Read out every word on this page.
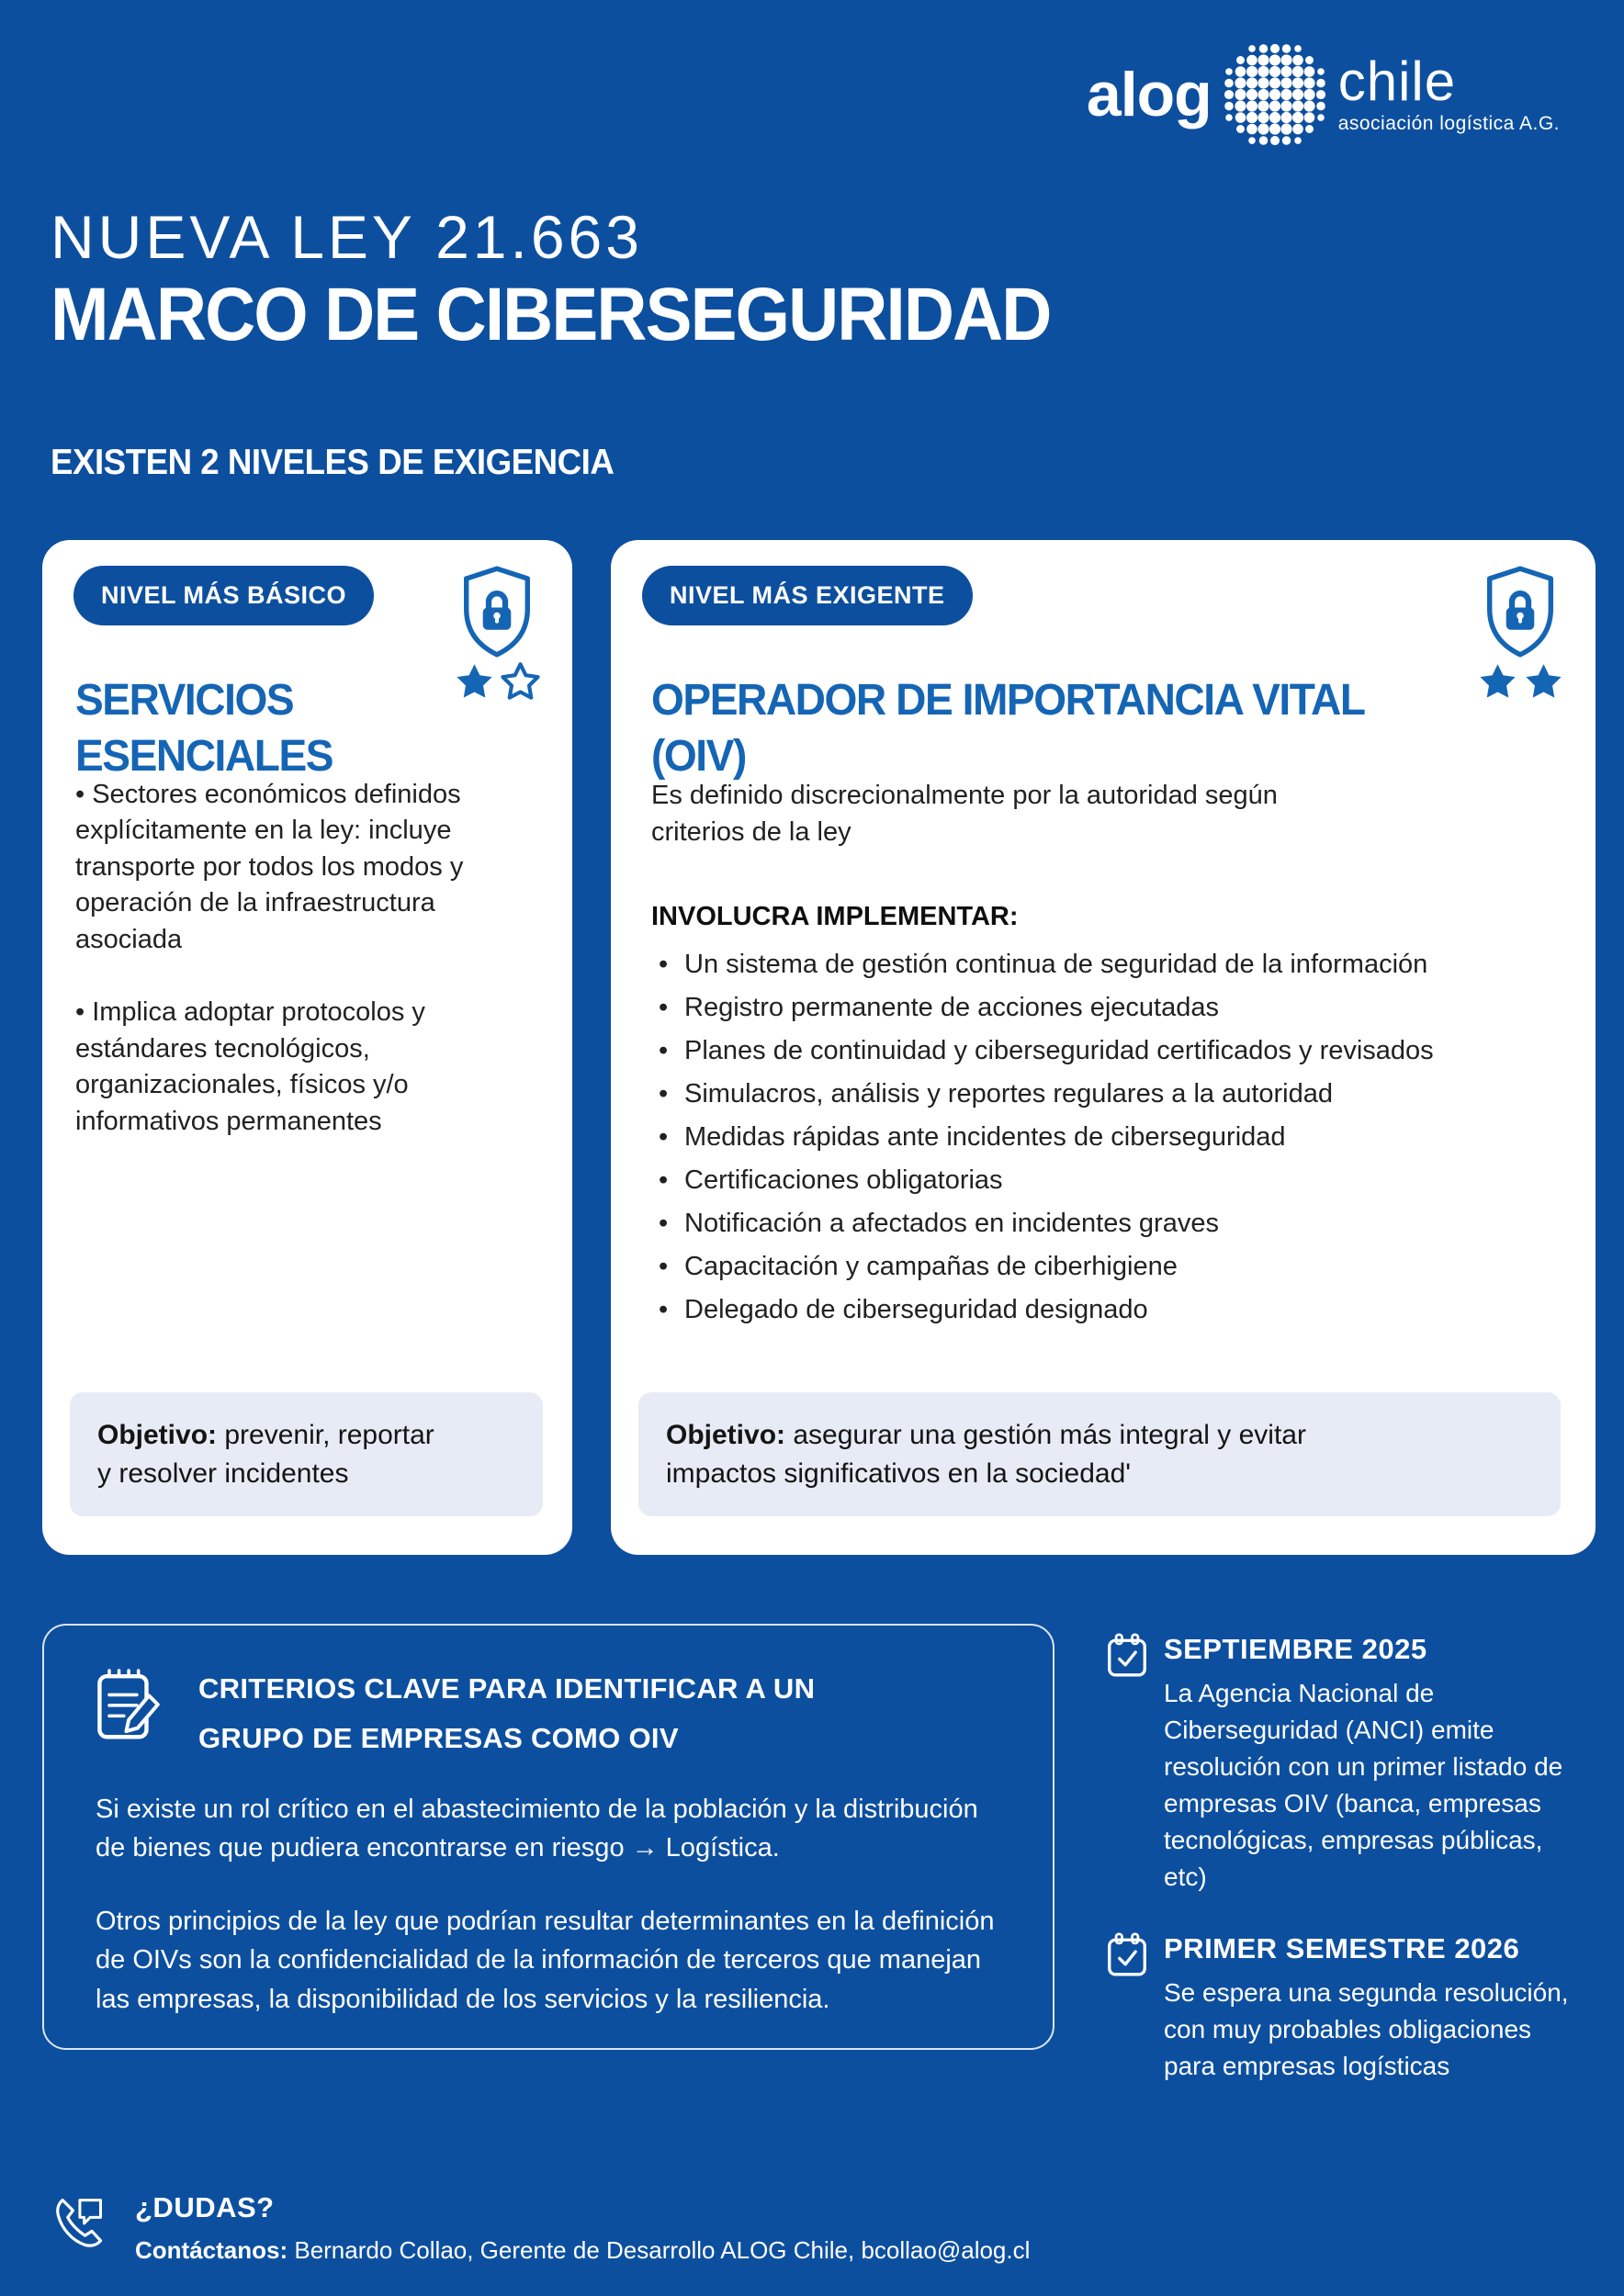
alog chile
asociación logística A.G.
NUEVA LEY 21.663
MARCO DE CIBERSEGURIDAD
EXISTEN 2 NIVELES DE EXIGENCIA
NIVEL MÁS BÁSICO
SERVICIOS ESENCIALES
• Sectores económicos definidos explícitamente en la ley: incluye transporte por todos los modos y operación de la infraestructura asociada
• Implica adoptar protocolos y estándares tecnológicos, organizacionales, físicos y/o informativos permanentes

Objetivo: prevenir, reportar y resolver incidentes

NIVEL MÁS EXIGENTE
OPERADOR DE IMPORTANCIA VITAL (OIV)

Es definido discrecionalmente por la autoridad según criterios de la ley

INVOLUCRA IMPLEMENTAR:

• Un sistema de gestión continua de seguridad de la información
• Registro permanente de acciones ejecutadas
• Planes de continuidad y ciberseguridad certificados y revisados
• Simulacros, análisis y reportes regulares a la autoridad
• Medidas rápidas ante incidentes de ciberseguridad
• Certificaciones obligatorias
• Notificación a afectados en incidentes graves
• Capacitación y campañas de ciberhigiene
• Delegado de ciberseguridad designado

Objetivo: asegurar una gestión más integral y evitar impactos significativos en la sociedad'

CRITERIOS CLAVE PARA IDENTIFICAR A UN GRUPO DE EMPRESAS COMO OIV

Si existe un rol crítico en el abastecimiento de la población y la distribución de bienes que pudiera encontrarse en riesgo → Logística.

Otros principios de la ley que podrían resultar determinantes en la definición de OIVs son la confidencialidad de la información de terceros que manejan las empresas, la disponibilidad de los servicios y la resiliencia.

SEPTIEMBRE 2025
La Agencia Nacional de Ciberseguridad (ANCI) emite resolución con un primer listado de empresas OIV (banca, empresas tecnológicas, empresas públicas, etc)
PRIMER SEMESTRE 2026
Se espera una segunda resolución, con muy probables obligaciones para empresas logísticas
¿DUDAS?
Contáctanos: Bernardo Collao, Gerente de Desarrollo ALOG Chile, bcollao@alog.cl
